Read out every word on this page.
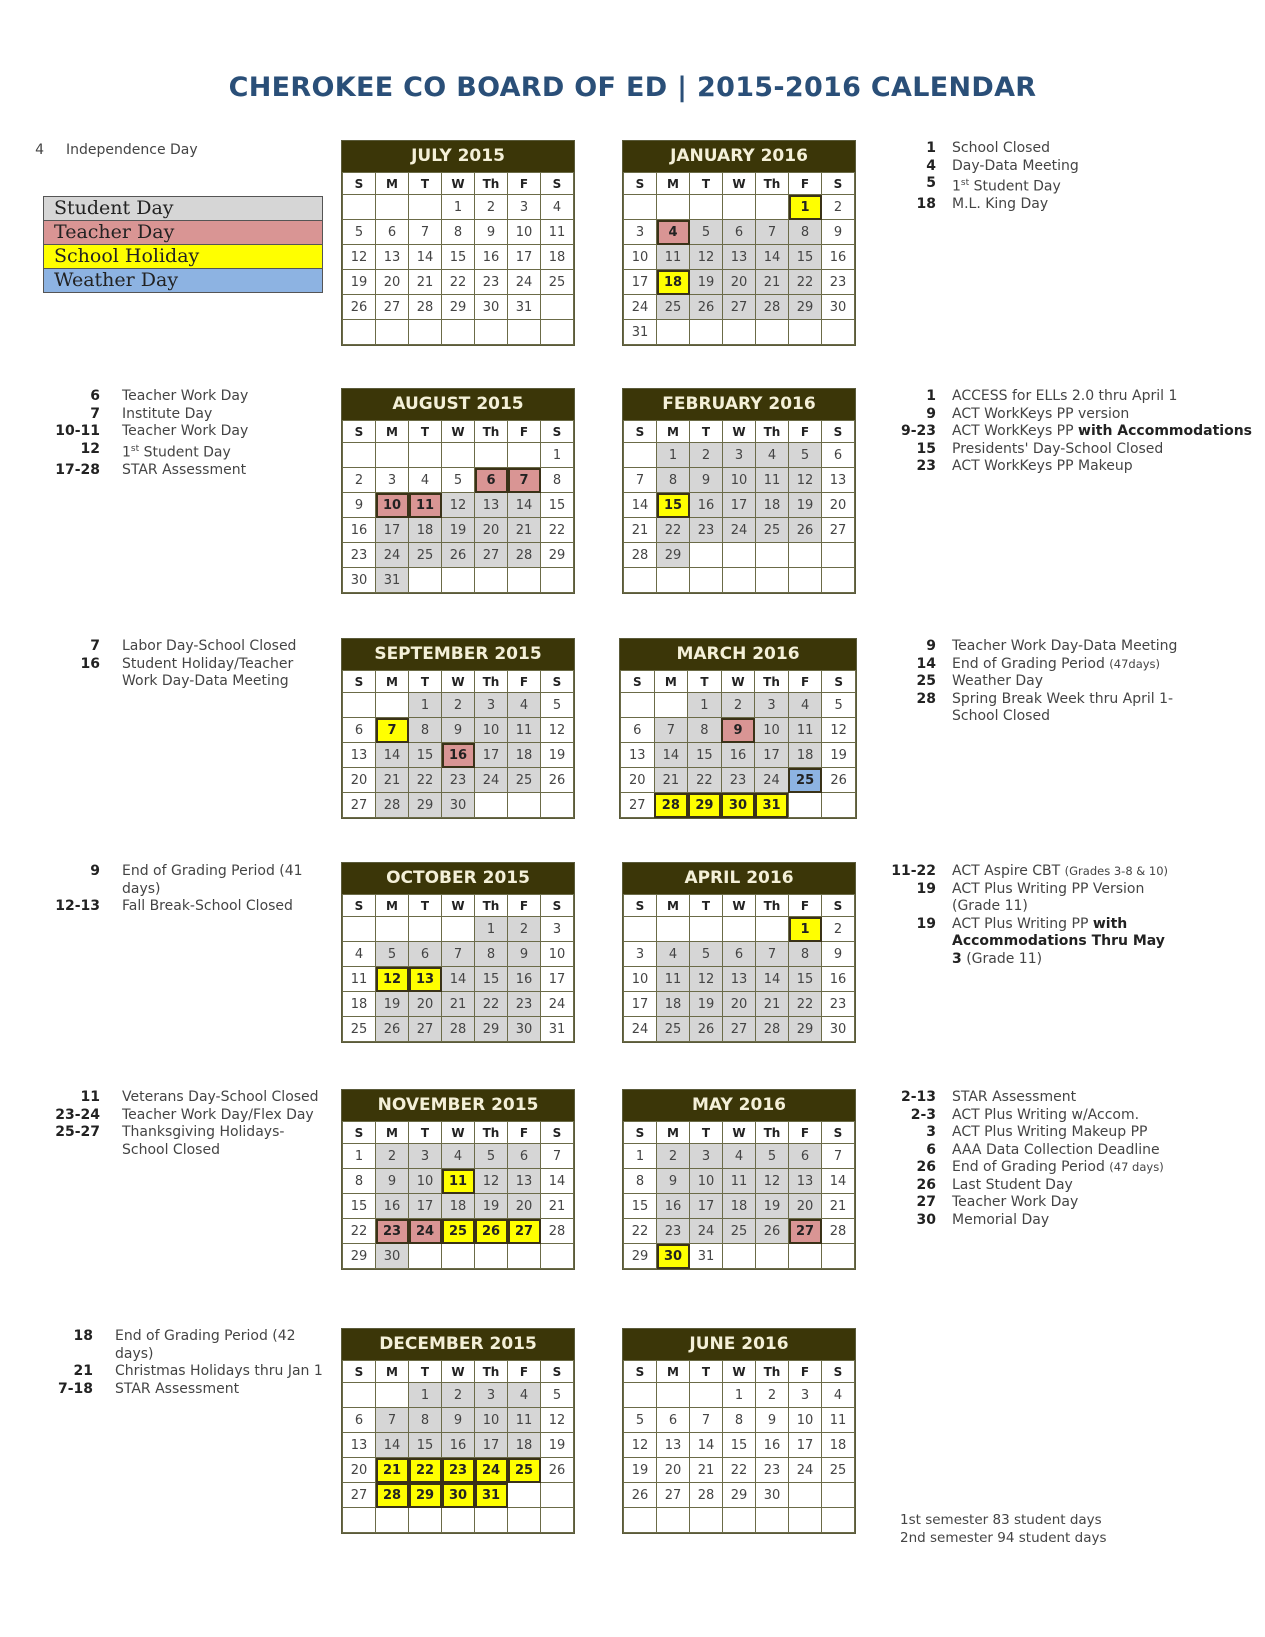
CHEROKEE CO BOARD OF ED | 2015-2016 CALENDAR
Student Day
Teacher Day
School Holiday
Weather Day
JULY 2015
S	M	T	W	Th	F	S
			1	2	3	4
5	6	7	8	9	10	11
12	13	14	15	16	17	18
19	20	21	22	23	24	25
26	27	28	29	30	31	

AUGUST 2015
S	M	T	W	Th	F	S
						1
2	3	4	5	6	7	8
9	10	11	12	13	14	15
16	17	18	19	20	21	22
23	24	25	26	27	28	29
30	31					
SEPTEMBER 2015
S	M	T	W	Th	F	S
		1	2	3	4	5
6	7	8	9	10	11	12
13	14	15	16	17	18	19
20	21	22	23	24	25	26
27	28	29	30			
OCTOBER 2015
S	M	T	W	Th	F	S
				1	2	3
4	5	6	7	8	9	10
11	12	13	14	15	16	17
18	19	20	21	22	23	24
25	26	27	28	29	30	31
NOVEMBER 2015
S	M	T	W	Th	F	S
1	2	3	4	5	6	7
8	9	10	11	12	13	14
15	16	17	18	19	20	21
22	23	24	25	26	27	28
29	30					
DECEMBER 2015
S	M	T	W	Th	F	S
		1	2	3	4	5
6	7	8	9	10	11	12
13	14	15	16	17	18	19
20	21	22	23	24	25	26
27	28	29	30	31		

JANUARY 2016
S	M	T	W	Th	F	S
					1	2
3	4	5	6	7	8	9
10	11	12	13	14	15	16
17	18	19	20	21	22	23
24	25	26	27	28	29	30
31						
FEBRUARY 2016
S	M	T	W	Th	F	S
	1	2	3	4	5	6
7	8	9	10	11	12	13
14	15	16	17	18	19	20
21	22	23	24	25	26	27
28	29					

MARCH 2016
S	M	T	W	Th	F	S
		1	2	3	4	5
6	7	8	9	10	11	12
13	14	15	16	17	18	19
20	21	22	23	24	25	26
27	28	29	30	31		
APRIL 2016
S	M	T	W	Th	F	S
					1	2
3	4	5	6	7	8	9
10	11	12	13	14	15	16
17	18	19	20	21	22	23
24	25	26	27	28	29	30
MAY 2016
S	M	T	W	Th	F	S
1	2	3	4	5	6	7
8	9	10	11	12	13	14
15	16	17	18	19	20	21
22	23	24	25	26	27	28
29	30	31				
JUNE 2016
S	M	T	W	Th	F	S
			1	2	3	4
5	6	7	8	9	10	11
12	13	14	15	16	17	18
19	20	21	22	23	24	25
26	27	28	29	30		

4 Independence Day
6 Teacher Work Day
7 Institute Day
10-11 Teacher Work Day
12 1st Student Day
17-28 STAR Assessment
7 Labor Day-School Closed
16 Student Holiday/Teacher Work Day-Data Meeting
9 End of Grading Period (41 days)
12-13 Fall Break-School Closed
11 Veterans Day-School Closed
23-24 Teacher Work Day/Flex Day
25-27 Thanksgiving Holidays-School Closed
18 End of Grading Period (42 days)
21 Christmas Holidays thru Jan 1
7-18 STAR Assessment
1 School Closed
4 Day-Data Meeting
5 1st Student Day
18 M.L. King Day
1 ACCESS for ELLs 2.0 thru April 1
9 ACT WorkKeys PP version
9-23 ACT WorkKeys PP with Accommodations
15 Presidents' Day-School Closed
23 ACT WorkKeys PP Makeup
9 Teacher Work Day-Data Meeting
14 End of Grading Period (47days)
25 Weather Day
28 Spring Break Week thru April 1-School Closed
11-22 ACT Aspire CBT (Grades 3-8 & 10)
19 ACT Plus Writing PP Version (Grade 11)
19 ACT Plus Writing PP with Accommodations Thru May 3 (Grade 11)
2-13 STAR Assessment
2-3 ACT Plus Writing w/Accom.
3 ACT Plus Writing Makeup PP
6 AAA Data Collection Deadline
26 End of Grading Period (47 days)
26 Last Student Day
27 Teacher Work Day
30 Memorial Day
1st semester 83 student days
2nd semester 94 student days
